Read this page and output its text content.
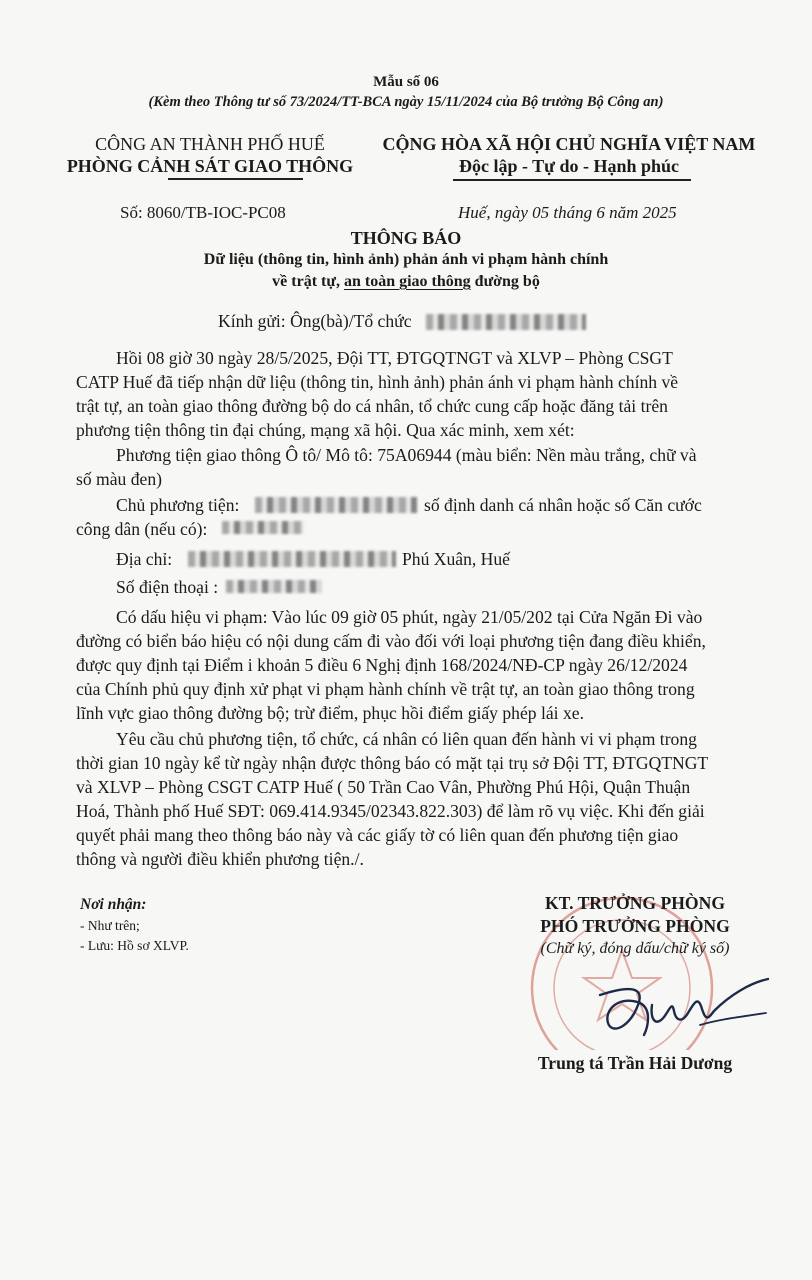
Mẫu số 06
(Kèm theo Thông tư số 73/2024/TT-BCA ngày 15/11/2024 của Bộ trưởng Bộ Công an)
CÔNG AN THÀNH PHỐ HUẾ
PHÒNG CẢNH SÁT GIAO THÔNG
CỘNG HÒA XÃ HỘI CHỦ NGHĨA VIỆT NAM
Độc lập - Tự do - Hạnh phúc
Số: 8060/TB-IOC-PC08	Huế, ngày 05 tháng 6 năm 2025
THÔNG BÁO
Dữ liệu (thông tin, hình ảnh) phản ánh vi phạm hành chính
về trật tự, an toàn giao thông đường bộ
Kính gửi: Ông(bà)/Tổ chức
Hồi 08 giờ 30 ngày 28/5/2025, Đội TT, ĐTGQTNGT và XLVP – Phòng CSGT
CATP Huế đã tiếp nhận dữ liệu (thông tin, hình ảnh) phản ánh vi phạm hành chính về
trật tự, an toàn giao thông đường bộ do cá nhân, tổ chức cung cấp hoặc đăng tải trên
phương tiện thông tin đại chúng, mạng xã hội. Qua xác minh, xem xét:
Phương tiện giao thông Ô tô/ Mô tô: 75A06944 (màu biển: Nền màu trắng, chữ và
số màu đen)
Chủ phương tiện:	số định danh cá nhân hoặc số Căn cước
công dân (nếu có):
Địa chỉ:	Phú Xuân, Huế
Số điện thoại :
Có dấu hiệu vi phạm: Vào lúc 09 giờ 05 phút, ngày 21/05/202 tại Cửa Ngăn Đi vào
đường có biển báo hiệu có nội dung cấm đi vào đối với loại phương tiện đang điều khiển,
được quy định tại Điểm i khoản 5 điều 6 Nghị định 168/2024/NĐ-CP ngày 26/12/2024
của Chính phủ quy định xử phạt vi phạm hành chính về trật tự, an toàn giao thông trong
lĩnh vực giao thông đường bộ; trừ điểm, phục hồi điểm giấy phép lái xe.
Yêu cầu chủ phương tiện, tổ chức, cá nhân có liên quan đến hành vi vi phạm trong
thời gian 10 ngày kể từ ngày nhận được thông báo có mặt tại trụ sở Đội TT, ĐTGQTNGT
và XLVP – Phòng CSGT CATP Huế ( 50 Trần Cao Vân, Phường Phú Hội, Quận Thuận
Hoá, Thành phố Huế SĐT: 069.414.9345/02343.822.303) để làm rõ vụ việc. Khi đến giải
quyết phải mang theo thông báo này và các giấy tờ có liên quan đến phương tiện giao
thông và người điều khiển phương tiện./.
Nơi nhận:
- Như trên;
- Lưu: Hồ sơ XLVP.
KT. TRƯỞNG PHÒNG
PHÓ TRƯỞNG PHÒNG
(Chữ ký, đóng dấu/chữ ký số)
Trung tá Trần Hải Dương
